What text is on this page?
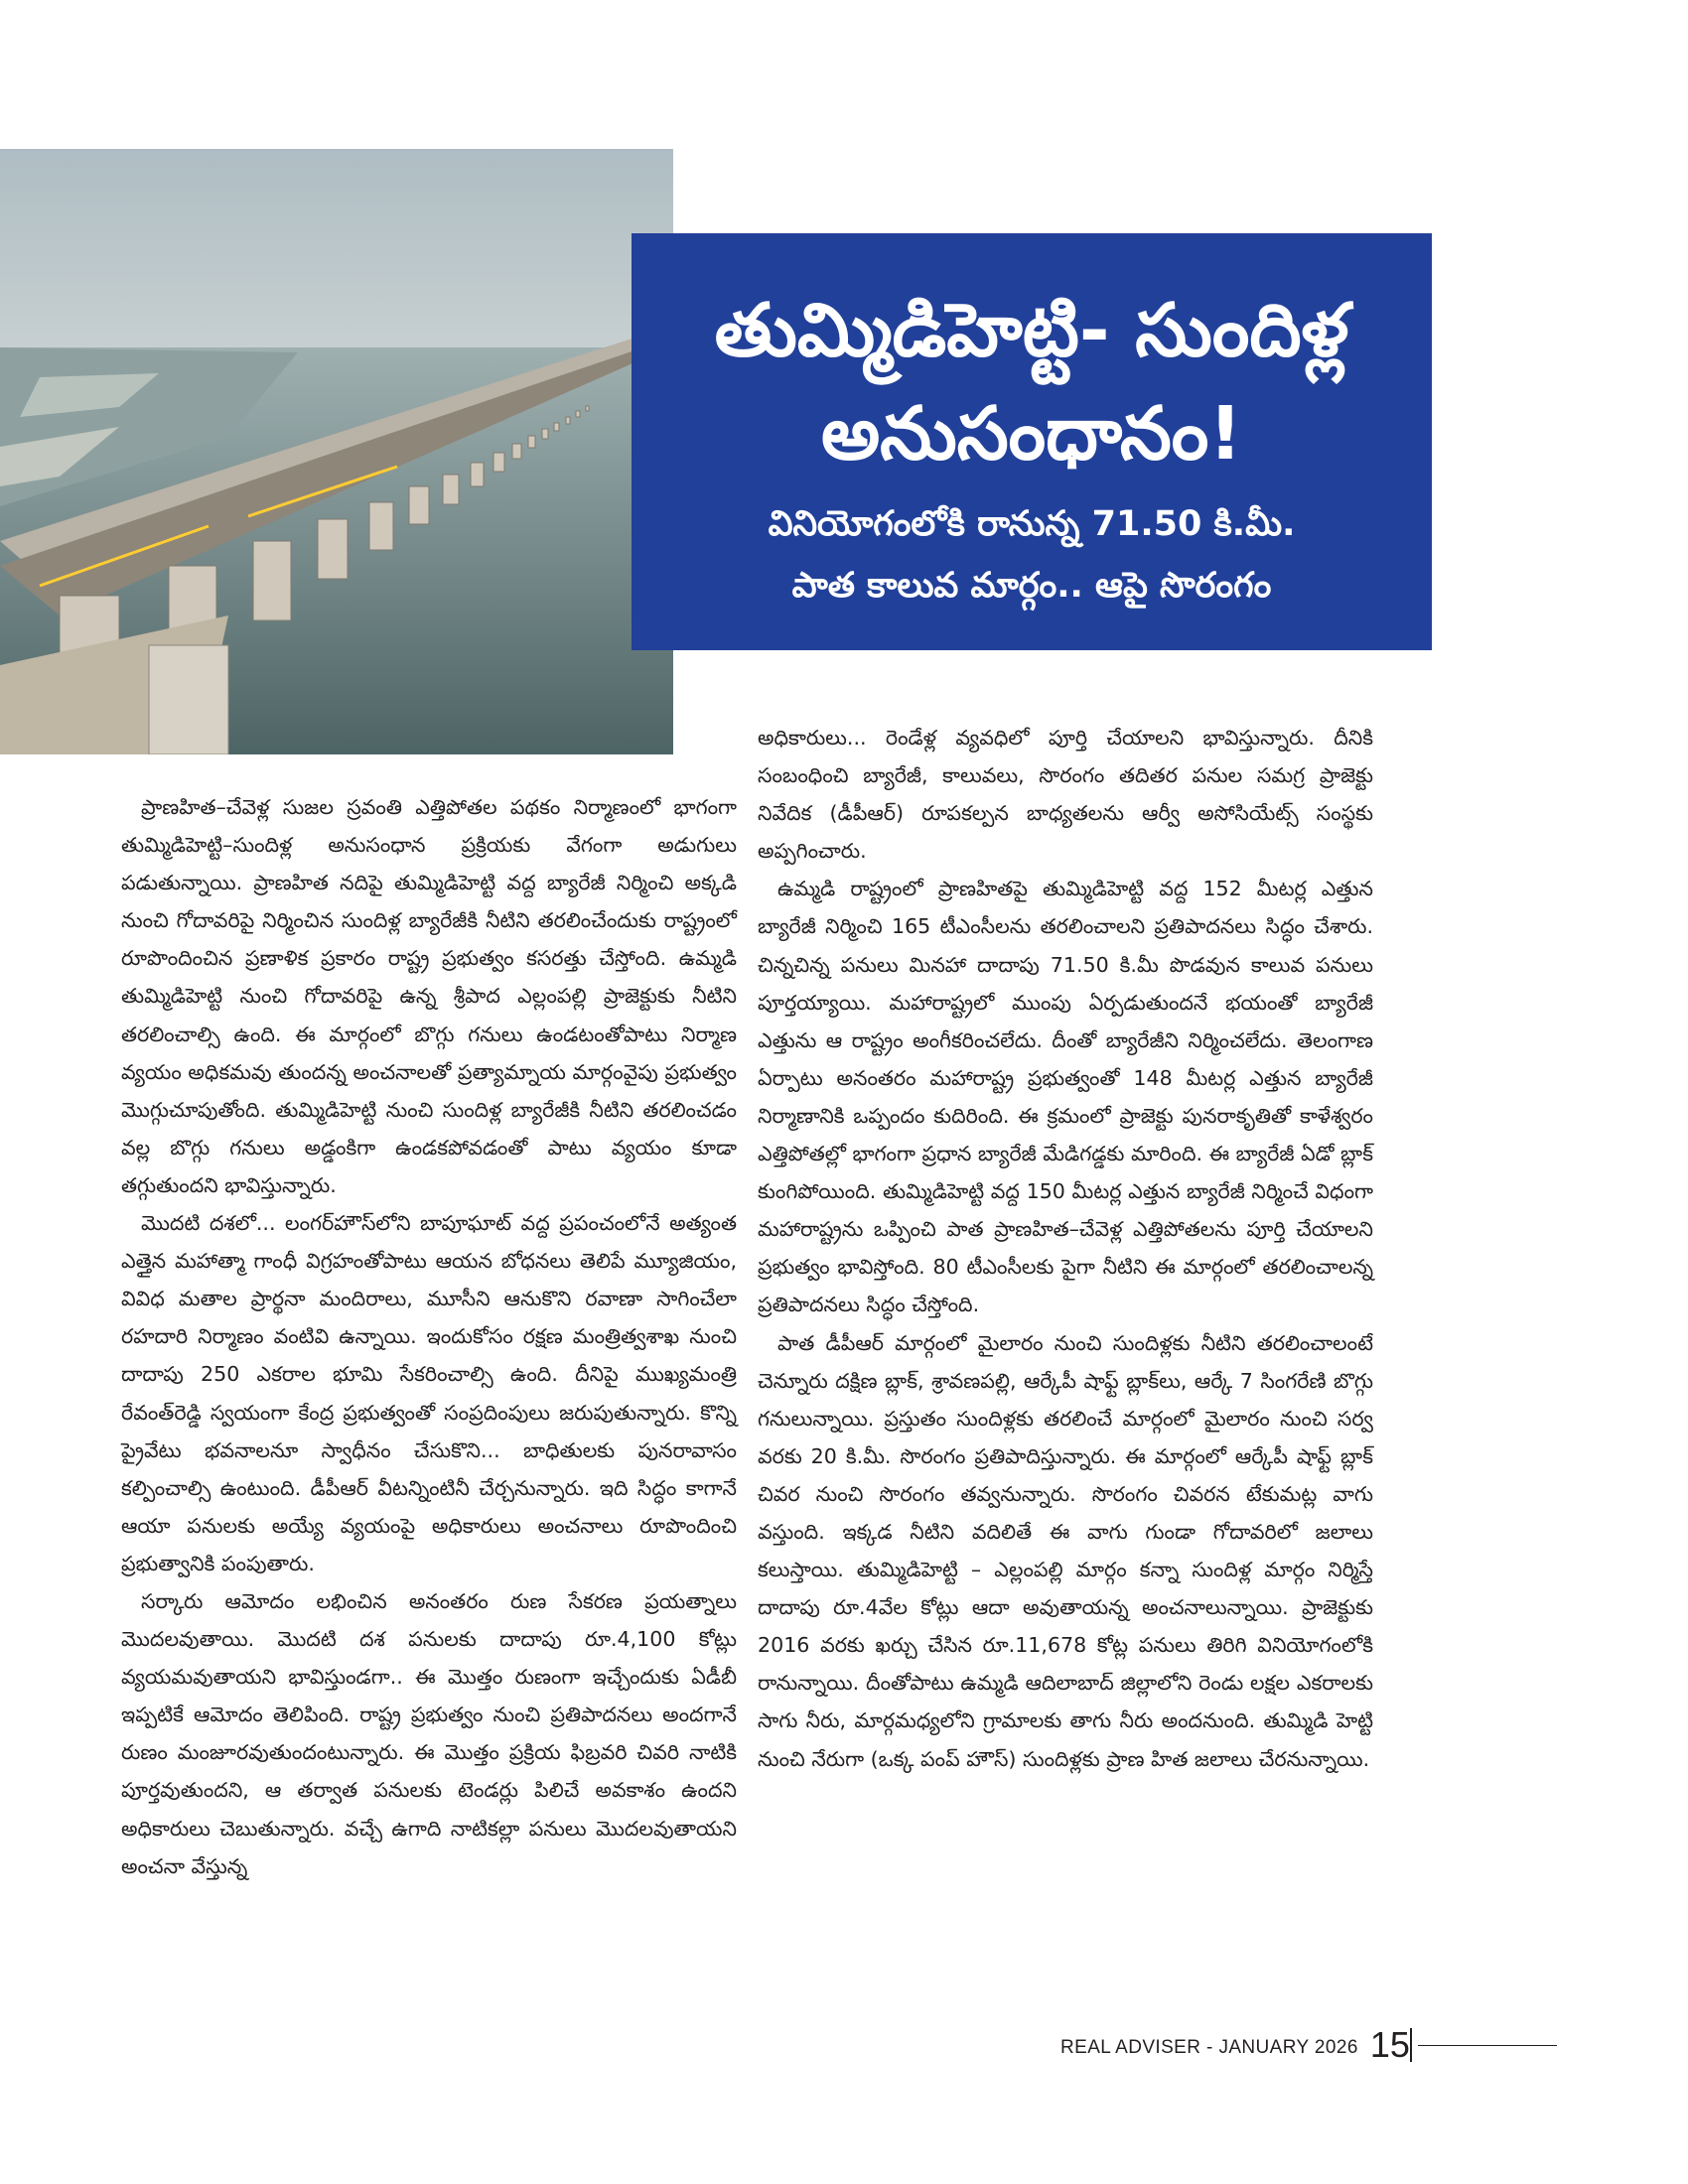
తుమ్మిడిహెట్టి- సుందిళ్ల
అనుసంధానం!
వినియోగంలోకి రానున్న 71.50 కి.మీ.
పాత కాలువ మార్గం.. ఆపై సొరంగం

ప్రాణహిత–చేవెళ్ల సుజల స్రవంతి ఎత్తిపోతల పథకం నిర్మాణంలో భాగంగా తుమ్మిడిహెట్టి–సుందిళ్ల అనుసంధాన ప్రక్రియకు వేగంగా అడుగులు పడుతున్నాయి. ప్రాణహిత నదిపై తుమ్మిడిహెట్టి వద్ద బ్యారేజీ నిర్మించి అక్కడి నుంచి గోదావరిపై నిర్మించిన సుందిళ్ల బ్యారేజీకి నీటిని తరలించేందుకు రాష్ట్రంలో రూపొందించిన ప్రణాళిక ప్రకారం రాష్ట్ర ప్రభుత్వం కసరత్తు చేస్తోంది. ఉమ్మడి తుమ్మిడిహెట్టి నుంచి గోదావరిపై ఉన్న శ్రీపాద ఎల్లంపల్లి ప్రాజెక్టుకు నీటిని తరలించాల్సి ఉంది. ఈ మార్గంలో బొగ్గు గనులు ఉండటంతోపాటు నిర్మాణ వ్యయం అధికమవు తుందన్న అంచనాలతో ప్రత్యామ్నాయ మార్గంవైపు ప్రభుత్వం మొగ్గుచూపుతోంది. తుమ్మిడిహెట్టి నుంచి సుందిళ్ల బ్యారేజీకి నీటిని తరలించడం వల్ల బొగ్గు గనులు అడ్డంకిగా ఉండకపోవడంతో పాటు వ్యయం కూడా తగ్గుతుందని భావిస్తున్నారు.

మొదటి దశలో... లంగర్‌హౌస్‌లోని బాపూఘాట్ వద్ద ప్రపంచంలోనే అత్యంత ఎత్తైన మహాత్మా గాంధీ విగ్రహంతోపాటు ఆయన బోధనలు తెలిపే మ్యూజియం, వివిధ మతాల ప్రార్థనా మందిరాలు, మూసీని ఆనుకొని రవాణా సాగించేలా రహదారి నిర్మాణం వంటివి ఉన్నాయి. ఇందుకోసం రక్షణ మంత్రిత్వశాఖ నుంచి దాదాపు 250 ఎకరాల భూమి సేకరించాల్సి ఉంది. దీనిపై ముఖ్యమంత్రి రేవంత్‌రెడ్డి స్వయంగా కేంద్ర ప్రభుత్వంతో సంప్రదింపులు జరుపుతున్నారు. కొన్ని ప్రైవేటు భవనాలనూ స్వాధీనం చేసుకొని... బాధితులకు పునరావాసం కల్పించాల్సి ఉంటుంది. డీపీఆర్ వీటన్నింటినీ చేర్చనున్నారు. ఇది సిద్ధం కాగానే ఆయా పనులకు అయ్యే వ్యయంపై అధికారులు అంచనాలు రూపొందించి ప్రభుత్వానికి పంపుతారు.

సర్కారు ఆమోదం లభించిన అనంతరం రుణ సేకరణ ప్రయత్నాలు మొదలవుతాయి. మొదటి దశ పనులకు దాదాపు రూ.4,100 కోట్లు వ్యయమవుతాయని భావిస్తుండగా.. ఈ మొత్తం రుణంగా ఇచ్చేందుకు ఏడీబీ ఇప్పటికే ఆమోదం తెలిపింది. రాష్ట్ర ప్రభుత్వం నుంచి ప్రతిపాదనలు అందగానే రుణం మంజూరవుతుందంటున్నారు. ఈ మొత్తం ప్రక్రియ ఫిబ్రవరి చివరి నాటికి పూర్తవుతుందని, ఆ తర్వాత పనులకు టెండర్లు పిలిచే అవకాశం ఉందని అధికారులు చెబుతున్నారు. వచ్చే ఉగాది నాటికల్లా పనులు మొదలవుతాయని అంచనా వేస్తున్న

అధికారులు... రెండేళ్ల వ్యవధిలో పూర్తి చేయాలని భావిస్తున్నారు. దీనికి సంబంధించి బ్యారేజీ, కాలువలు, సొరంగం తదితర పనుల సమగ్ర ప్రాజెక్టు నివేదిక (డీపీఆర్) రూపకల్పన బాధ్యతలను ఆర్వీ అసోసియేట్స్ సంస్థకు అప్పగించారు.

ఉమ్మడి రాష్ట్రంలో ప్రాణహితపై తుమ్మిడిహెట్టి వద్ద 152 మీటర్ల ఎత్తున బ్యారేజీ నిర్మించి 165 టీఎంసీలను తరలించాలని ప్రతిపాదనలు సిద్ధం చేశారు. చిన్నచిన్న పనులు మినహా దాదాపు 71.50 కి.మీ పొడవున కాలువ పనులు పూర్తయ్యాయి. మహారాష్ట్రలో ముంపు ఏర్పడుతుందనే భయంతో బ్యారేజీ ఎత్తును ఆ రాష్ట్రం అంగీకరించలేదు. దీంతో బ్యారేజీని నిర్మించలేదు. తెలంగాణ ఏర్పాటు అనంతరం మహారాష్ట్ర ప్రభుత్వంతో 148 మీటర్ల ఎత్తున బ్యారేజీ నిర్మాణానికి ఒప్పందం కుదిరింది. ఈ క్రమంలో ప్రాజెక్టు పునరాకృతితో కాళేశ్వరం ఎత్తిపోతల్లో భాగంగా ప్రధాన బ్యారేజీ మేడిగడ్డకు మారింది. ఈ బ్యారేజీ ఏడో బ్లాక్ కుంగిపోయింది. తుమ్మిడిహెట్టి వద్ద 150 మీటర్ల ఎత్తున బ్యారేజీ నిర్మించే విధంగా మహారాష్ట్రను ఒప్పించి పాత ప్రాణహిత–చేవెళ్ల ఎత్తిపోతలను పూర్తి చేయాలని ప్రభుత్వం భావిస్తోంది. 80 టీఎంసీలకు పైగా నీటిని ఈ మార్గంలో తరలించాలన్న ప్రతిపాదనలు సిద్ధం చేస్తోంది.

పాత డీపీఆర్ మార్గంలో మైలారం నుంచి సుందిళ్లకు నీటిని తరలించాలంటే చెన్నూరు దక్షిణ బ్లాక్, శ్రావణపల్లి, ఆర్కేపీ షాఫ్ట్ బ్లాక్‌లు, ఆర్కే 7 సింగరేణి బొగ్గు గనులున్నాయి. ప్రస్తుతం సుందిళ్లకు తరలించే మార్గంలో మైలారం నుంచి సర్వ వరకు 20 కి.మీ. సొరంగం ప్రతిపాదిస్తున్నారు. ఈ మార్గంలో ఆర్కేపీ షాఫ్ట్ బ్లాక్ చివర నుంచి సొరంగం తవ్వనున్నారు. సొరంగం చివరన టేకుమట్ల వాగు వస్తుంది. ఇక్కడ నీటిని వదిలితే ఈ వాగు గుండా గోదావరిలో జలాలు కలుస్తాయి. తుమ్మిడిహెట్టి – ఎల్లంపల్లి మార్గం కన్నా సుందిళ్ల మార్గం నిర్మిస్తే దాదాపు రూ.4వేల కోట్లు ఆదా అవుతాయన్న అంచనాలున్నాయి. ప్రాజెక్టుకు 2016 వరకు ఖర్చు చేసిన రూ.11,678 కోట్ల పనులు తిరిగి వినియోగంలోకి రానున్నాయి. దీంతోపాటు ఉమ్మడి ఆదిలాబాద్ జిల్లాలోని రెండు లక్షల ఎకరాలకు సాగు నీరు, మార్గమధ్యలోని గ్రామాలకు తాగు నీరు అందనుంది. తుమ్మిడి హెట్టి నుంచి నేరుగా (ఒక్క పంప్ హౌస్) సుందిళ్లకు ప్రాణ హిత జలాలు చేరనున్నాయి.

REAL ADVISER - JANUARY 2026 15
